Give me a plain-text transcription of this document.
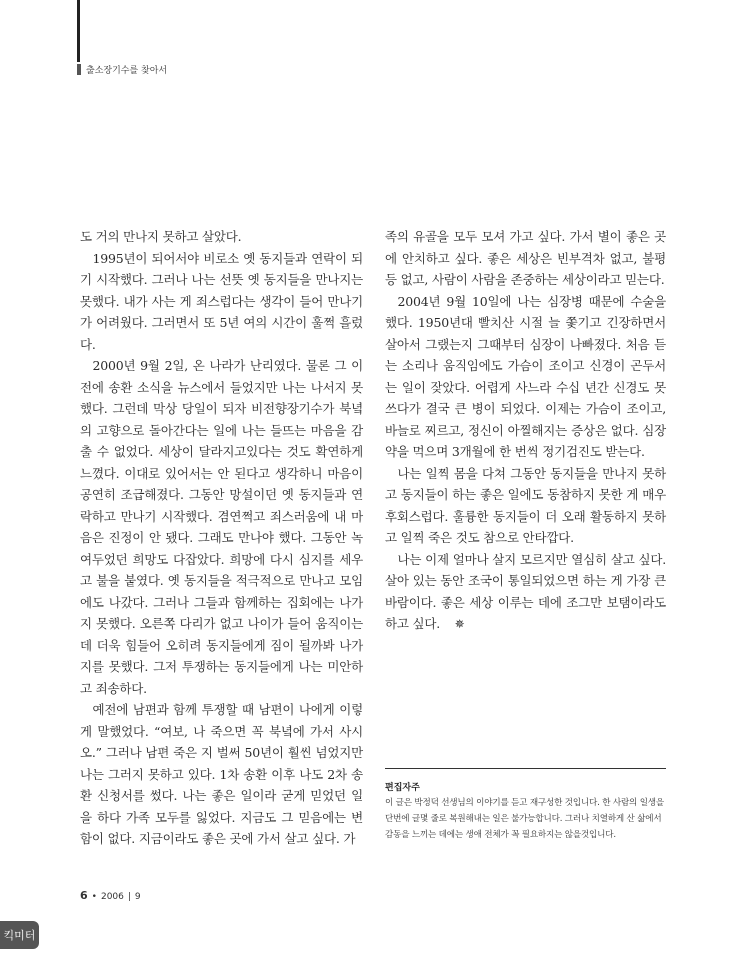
출소장기수를 찾아서

도 거의 만나지 못하고 살았다.

1995년이 되어서야 비로소 옛 동지들과 연락이 되기 시작했다. 그러나 나는 선뜻 옛 동지들을 만나지는 못했다. 내가 사는 게 죄스럽다는 생각이 들어 만나기가 어려웠다. 그러면서 또 5년 여의 시간이 훌쩍 흘렀다.

2000년 9월 2일, 온 나라가 난리였다. 물론 그 이전에 송환 소식을 뉴스에서 들었지만 나는 나서지 못했다. 그런데 막상 당일이 되자 비전향장기수가 북녘의 고향으로 돌아간다는 일에 나는 들뜨는 마음을 감출 수 없었다. 세상이 달라지고있다는 것도 확연하게 느꼈다. 이대로 있어서는 안 된다고 생각하니 마음이 공연히 조급해졌다. 그동안 망설이던 옛 동지들과 연락하고 만나기 시작했다. 겸연쩍고 죄스러움에 내 마음은 진정이 안 됐다. 그래도 만나야 했다. 그동안 녹여두었던 희망도 다잡았다. 희망에 다시 심지를 세우고 불을 붙였다. 옛 동지들을 적극적으로 만나고 모임에도 나갔다. 그러나 그들과 함께하는 집회에는 나가지 못했다. 오른쪽 다리가 없고 나이가 들어 움직이는 데 더욱 힘들어 오히려 동지들에게 짐이 될까봐 나가지를 못했다. 그저 투쟁하는 동지들에게 나는 미안하고 죄송하다.

예전에 남편과 함께 투쟁할 때 남편이 나에게 이렇게 말했었다. “여보, 나 죽으면 꼭 북녘에 가서 사시오.” 그러나 남편 죽은 지 벌써 50년이 훨씬 넘었지만 나는 그러지 못하고 있다. 1차 송환 이후 나도 2차 송환 신청서를 썼다. 나는 좋은 일이라 굳게 믿었던 일을 하다 가족 모두를 잃었다. 지금도 그 믿음에는 변함이 없다. 지금이라도 좋은 곳에 가서 살고 싶다. 가

족의 유골을 모두 모셔 가고 싶다. 가서 별이 좋은 곳에 안치하고 싶다. 좋은 세상은 빈부격차 없고, 불평등 없고, 사람이 사람을 존중하는 세상이라고 믿는다.

2004년 9월 10일에 나는 심장병 때문에 수술을 했다. 1950년대 빨치산 시절 늘 쫓기고 긴장하면서 살아서 그랬는지 그때부터 심장이 나빠졌다. 처음 듣는 소리나 움직임에도 가슴이 조이고 신경이 곤두서는 일이 잦았다. 어렵게 사느라 수십 년간 신경도 못쓰다가 결국 큰 병이 되었다. 이제는 가슴이 조이고, 바늘로 찌르고, 정신이 아찔해지는 증상은 없다. 심장 약을 먹으며 3개월에 한 번씩 정기검진도 받는다.

나는 일찍 몸을 다쳐 그동안 동지들을 만나지 못하고 동지들이 하는 좋은 일에도 동참하지 못한 게 매우 후회스럽다. 훌륭한 동지들이 더 오래 활동하지 못하고 일찍 죽은 것도 참으로 안타깝다.

나는 이제 얼마나 살지 모르지만 열심히 살고 싶다. 살아 있는 동안 조국이 통일되었으면 하는 게 가장 큰 바람이다. 좋은 세상 이루는 데에 조그만 보탬이라도 하고 싶다. ✵

편집자주
이 글은 박정덕 선생님의 이야기를 듣고 재구성한 것입니다. 한 사람의 일생을 단번에 글몇 줄로 복원해내는 일은 불가능합니다. 그러나 치열하게 산 삶에서 감동을 느끼는 데에는 생애 전체가 꼭 필요하지는 않을것입니다.
6 • 2006 | 9
킥미터
